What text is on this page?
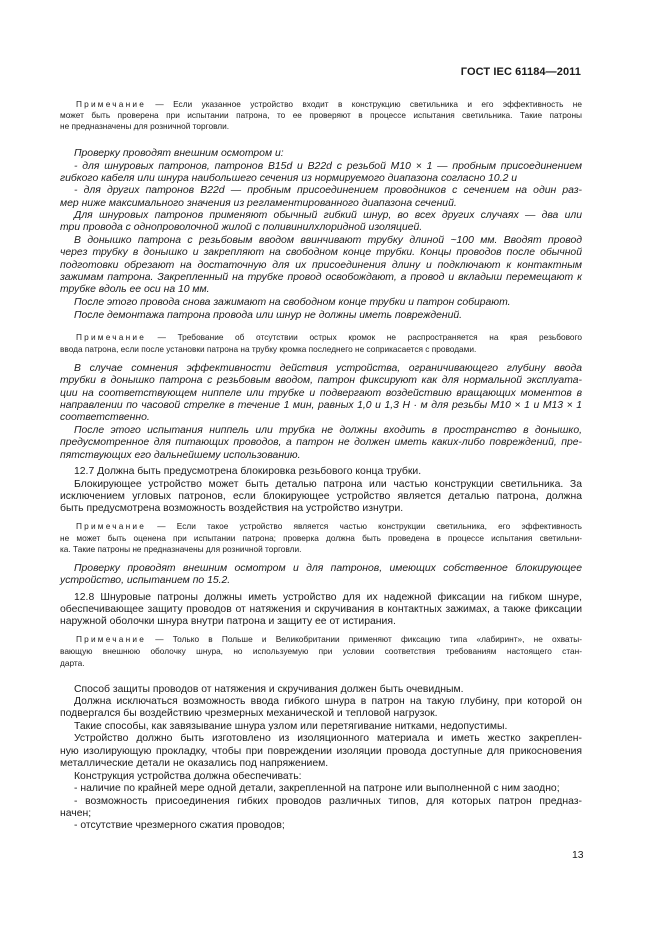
ГОСТ IEC 61184—2011
Примечание — Если указанное устройство входит в конструкцию светильника и его эффективность не
может быть проверена при испытании патрона, то ее проверяют в процессе испытания светильника. Такие патроны
не предназначены для розничной торговли.
Проверку проводят внешним осмотром и:
- для шнуровых патронов, патронов B15d и B22d с резьбой M10 × 1 — пробным присоединением
гибкого кабеля или шнура наибольшего сечения из нормируемого диапазона согласно 10.2 и
- для других патронов B22d — пробным присоединением проводников с сечением на один раз-
мер ниже максимального значения из регламентированного диапазона сечений.
Для шнуровых патронов применяют обычный гибкий шнур, во всех других случаях — два или
три провода с однопроволочной жилой с поливинилхлоридной изоляцией.
В донышко патрона с резьбовым вводом ввинчивают трубку длиной ~100 мм. Вводят провод
через трубку в донышко и закрепляют на свободном конце трубки. Концы проводов после обычной
подготовки обрезают на достаточную для их присоединения длину и подключают к контактным
зажимам патрона. Закрепленный на трубке провод освобождают, а провод и вкладыш перемещают к
трубке вдоль ее оси на 10 мм.
После этого провода снова зажимают на свободном конце трубки и патрон собирают.
После демонтажа патрона провода или шнур не должны иметь повреждений.
Примечание — Требование об отсутствии острых кромок не распространяется на края резьбового
ввода патрона, если после установки патрона на трубку кромка последнего не соприкасается с проводами.
В случае сомнения эффективности действия устройства, ограничивающего глубину ввода
трубки в донышко патрона с резьбовым вводом, патрон фиксируют как для нормальной эксплуата-
ции на соответствующем ниппеле или трубке и подвергают воздействию вращающих моментов в
направлении по часовой стрелке в течение 1 мин, равных 1,0 и 1,3 Н · м для резьбы M10 × 1 и M13 × 1
соответственно.
После этого испытания ниппель или трубка не должны входить в пространство в донышко,
предусмотренное для питающих проводов, а патрон не должен иметь каких-либо повреждений, пре-
пятствующих его дальнейшему использованию.
12.7 Должна быть предусмотрена блокировка резьбового конца трубки.
Блокирующее устройство может быть деталью патрона или частью конструкции светильника. За
исключением угловых патронов, если блокирующее устройство является деталью патрона, должна
быть предусмотрена возможность воздействия на устройство изнутри.
Примечание — Если такое устройство является частью конструкции светильника, его эффективность
не может быть оценена при испытании патрона; проверка должна быть проведена в процессе испытания светильни-
ка. Такие патроны не предназначены для розничной торговли.
Проверку проводят внешним осмотром и для патронов, имеющих собственное блокирующее
устройство, испытанием по 15.2.
12.8 Шнуровые патроны должны иметь устройство для их надежной фиксации на гибком шнуре,
обеспечивающее защиту проводов от натяжения и скручивания в контактных зажимах, а также фиксации
наружной оболочки шнура внутри патрона и защиту ее от истирания.
Примечание — Только в Польше и Великобритании применяют фиксацию типа «лабиринт», не охваты-
вающую внешнюю оболочку шнура, но используемую при условии соответствия требованиям настоящего стан-
дарта.
Способ защиты проводов от натяжения и скручивания должен быть очевидным.
Должна исключаться возможность ввода гибкого шнура в патрон на такую глубину, при которой он
подвергался бы воздействию чрезмерных механической и тепловой нагрузок.
Такие способы, как завязывание шнура узлом или перетягивание нитками, недопустимы.
Устройство должно быть изготовлено из изоляционного материала и иметь жестко закреплен-
ную изолирующую прокладку, чтобы при повреждении изоляции провода доступные для прикосновения
металлические детали не оказались под напряжением.
Конструкция устройства должна обеспечивать:
- наличие по крайней мере одной детали, закрепленной на патроне или выполненной с ним заодно;
- возможность присоединения гибких проводов различных типов, для которых патрон предназ-
начен;
- отсутствие чрезмерного сжатия проводов;
13
